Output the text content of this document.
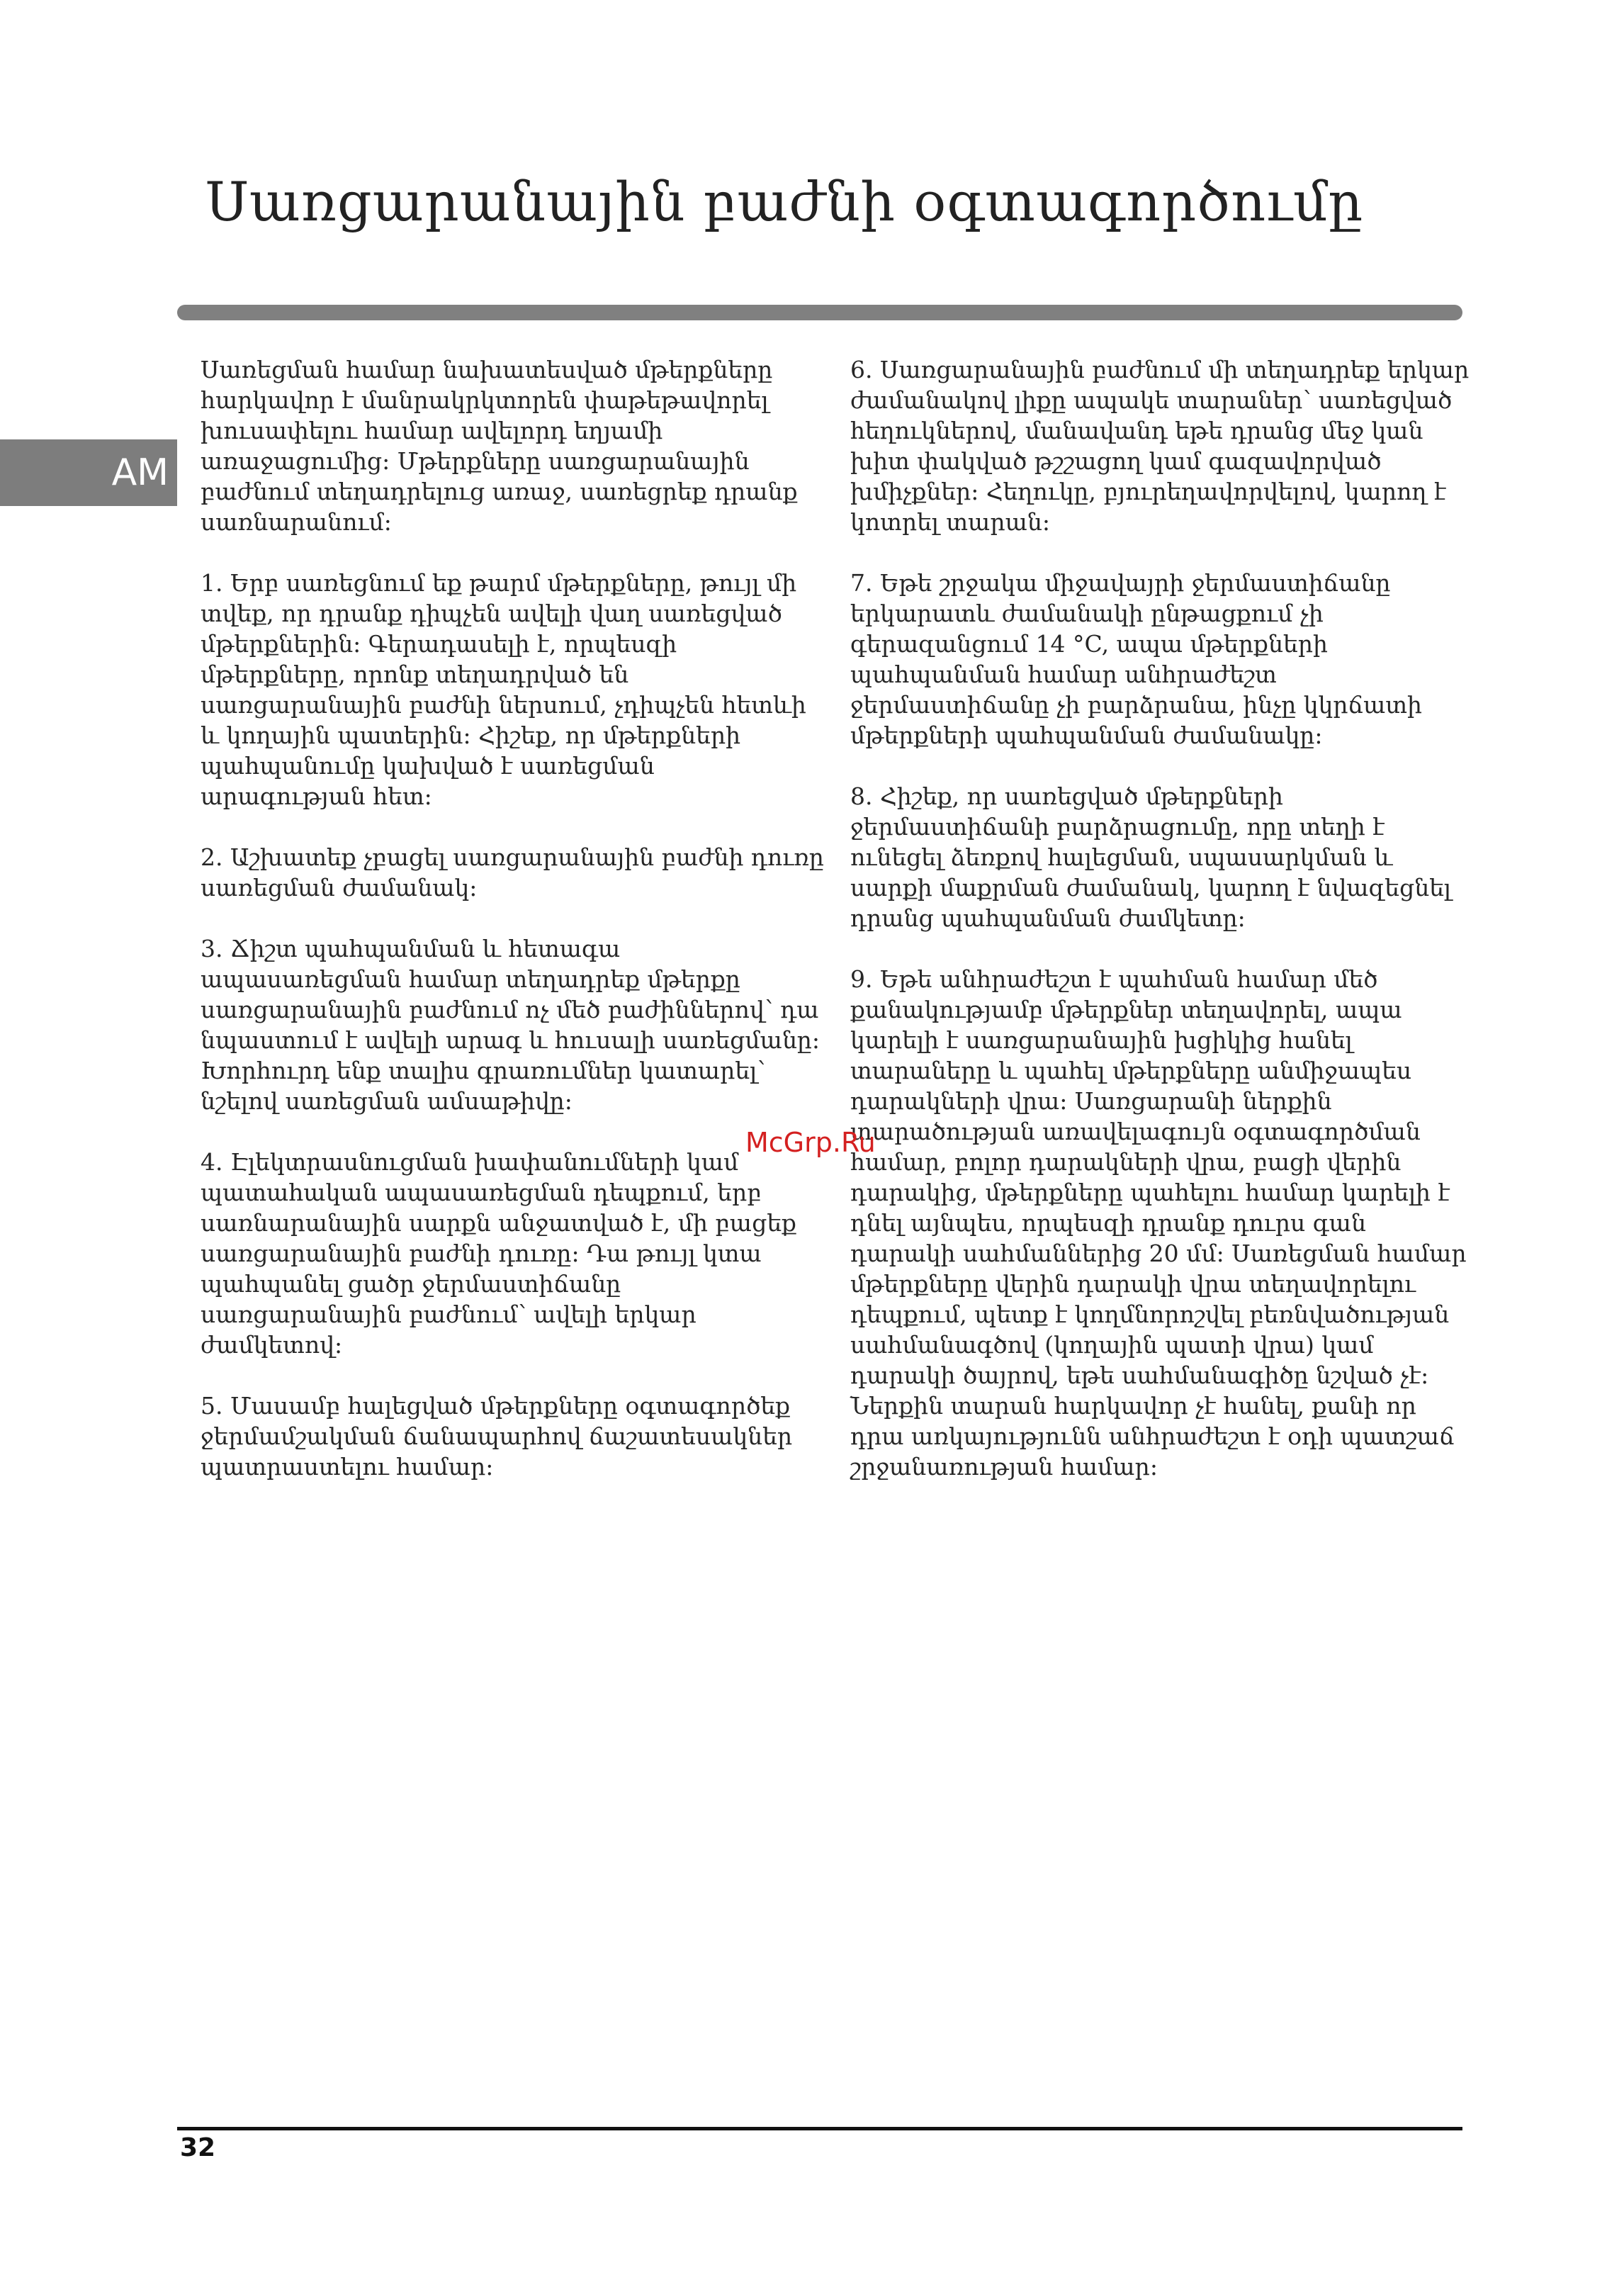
Սառցարանային բաժնի օգտագործումը
AM

Սառեցման համար նախատեսված մթերքները հարկավոր է մանրակրկտորեն փաթեթավորել խուսափելու համար ավելորդ եղյամի առաջացումից: Մթերքները սառցարանային բաժնում տեղադրելուց առաջ, սառեցրեք դրանք սառնարանում:

1. Երբ սառեցնում եք թարմ մթերքները, թույլ մի տվեք, որ դրանք դիպչեն ավելի վաղ սառեցված մթերքներին: Գերադասելի է, որպեսզի մթերքները, որոնք տեղադրված են սառցարանային բաժնի ներսում, չդիպչեն հետևի և կողային պատերին: Հիշեք, որ մթերքների պահպանումը կախված է սառեցման արագության հետ:

2. Աշխատեք չբացել սառցարանային բաժնի դուռը սառեցման ժամանակ:

3. Ճիշտ պահպանման և հետագա ապասառեցման համար տեղադրեք մթերքը սառցարանային բաժնում ոչ մեծ բաժիններով՝ դա նպաստում է ավելի արագ և հուսալի սառեցմանը: Խորհուրդ ենք տալիս գրառումներ կատարել՝ նշելով սառեցման ամսաթիվը:

4. Էլեկտրասնուցման խափանումների կամ պատահական ապասառեցման դեպքում, երբ սառնարանային սարքն անջատված է, մի բացեք սառցարանային բաժնի դուռը: Դա թույլ կտա պահպանել ցածր ջերմաստիճանը սառցարանային բաժնում՝ ավելի երկար ժամկետով:

5. Մասամբ հալեցված մթերքները օգտագործեք ջերմամշակման ճանապարհով ճաշատեսակներ պատրաստելու համար:

6. Սառցարանային բաժնում մի տեղադրեք երկար ժամանակով լիքը ապակե տարաներ՝ սառեցված հեղուկներով, մանավանդ եթե դրանց մեջ կան խիտ փակված թշշացող կամ գազավորված խմիչքներ: Հեղուկը, բյուրեղավորվելով, կարող է կոտրել տարան:

7. Եթե շրջակա միջավայրի ջերմաստիճանը երկարատև ժամանակի ընթացքում չի գերազանցում 14 °C, ապա մթերքների պահպանման համար անհրաժեշտ ջերմաստիճանը չի բարձրանա, ինչը կկրճատի մթերքների պահպանման ժամանակը:

8. Հիշեք, որ սառեցված մթերքների ջերմաստիճանի բարձրացումը, որը տեղի է ունեցել ձեռքով հալեցման, սպասարկման և սարքի մաքրման ժամանակ, կարող է նվազեցնել դրանց պահպանման ժամկետը:

9. Եթե անհրաժեշտ է պահման համար մեծ քանակությամբ մթերքներ տեղավորել, ապա կարելի է սառցարանային խցիկից հանել տարաները և պահել մթերքները անմիջապես դարակների վրա: Սառցարանի ներքին տարածության առավելագույն օգտագործման համար, բոլոր դարակների վրա, բացի վերին դարակից, մթերքները պահելու համար կարելի է դնել այնպես, որպեսզի դրանք դուրս գան դարակի սահմաններից 20 մմ: Սառեցման համար մթերքները վերին դարակի վրա տեղավորելու դեպքում, պետք է կողմնորոշվել բեռնվածության սահմանագծով (կողային պատի վրա) կամ դարակի ծայրով, եթե սահմանագիծը նշված չէ:
Ներքին տարան հարկավոր չէ հանել, քանի որ դրա առկայությունն անհրաժեշտ է օդի պատշաճ շրջանառության համար:

McGrp.Ru
32
